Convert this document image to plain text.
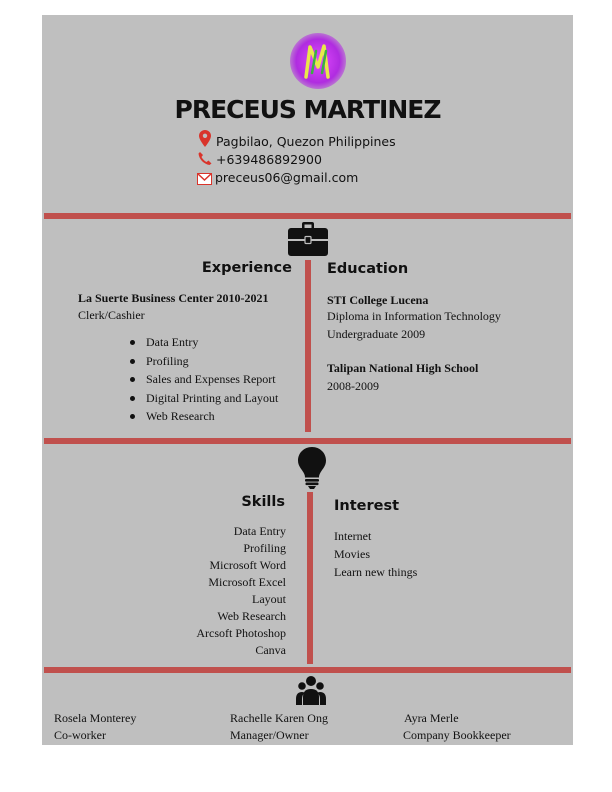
PRECEUS MARTINEZ
Pagbilao, Quezon Philippines
+639486892900
preceus06@gmail.com
Experience
La Suerte Business Center 2010-2021
Clerk/Cashier
Data Entry
Profiling
Sales and Expenses Report
Digital Printing and Layout
Web Research
Education
STI College Lucena
Diploma in Information Technology
Undergraduate 2009
Talipan National High School
2008-2009
Skills
Data Entry
Profiling
Microsoft Word
Microsoft Excel
Layout
Web Research
Arcsoft Photoshop
Canva
Interest
Internet
Movies
Learn new things
Rosela Monterey
Co-worker
Rachelle Karen Ong
Manager/Owner
Ayra Merle
Company Bookkeeper
